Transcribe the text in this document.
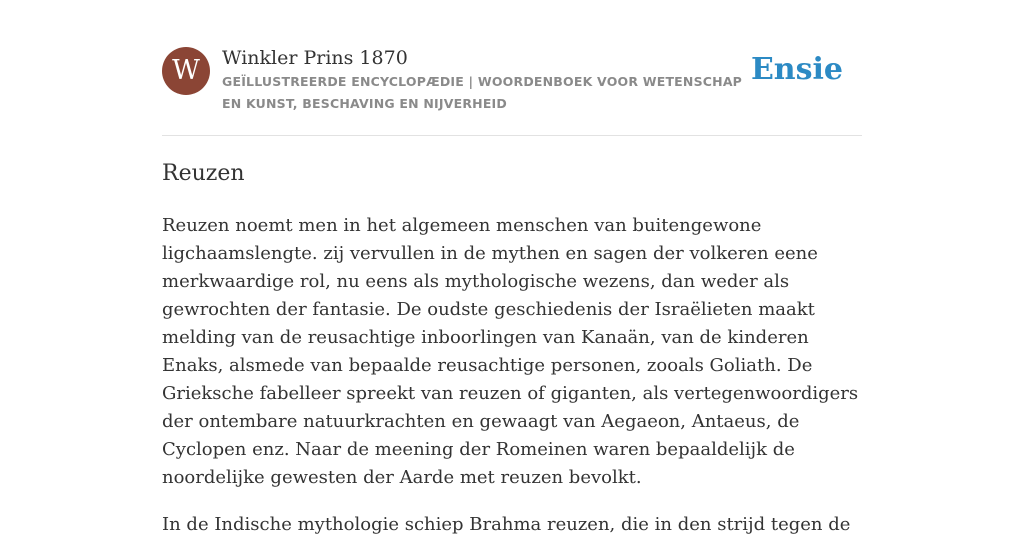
W	Winkler Prins 1870
GEÏLLUSTREERDE ENCYCLOPÆDIE | WOORDENBOEK VOOR WETENSCHAP EN KUNST, BESCHAVING EN NIJVERHEID
Ensie
Reuzen

Reuzen noemt men in het algemeen menschen van buitengewone ligchaamslengte. zij vervullen in de mythen en sagen der volkeren eene merkwaardige rol, nu eens als mythologische wezens, dan weder als gewrochten der fantasie. De oudste geschiedenis der Israëlieten maakt melding van de reusachtige inboorlingen van Kanaän, van de kinderen Enaks, alsmede van bepaalde reusachtige personen, zooals Goliath. De Grieksche fabelleer spreekt van reuzen of giganten, als vertegenwoordigers der ontembare natuurkrachten en gewaagt van Aegaeon, Antaeus, de Cyclopen enz. Naar de meening der Romeinen waren bepaaldelijk de noordelijke gewesten der Aarde met reuzen bevolkt.

In de Indische mythologie schiep Brahma reuzen, die in den strijd tegen de
